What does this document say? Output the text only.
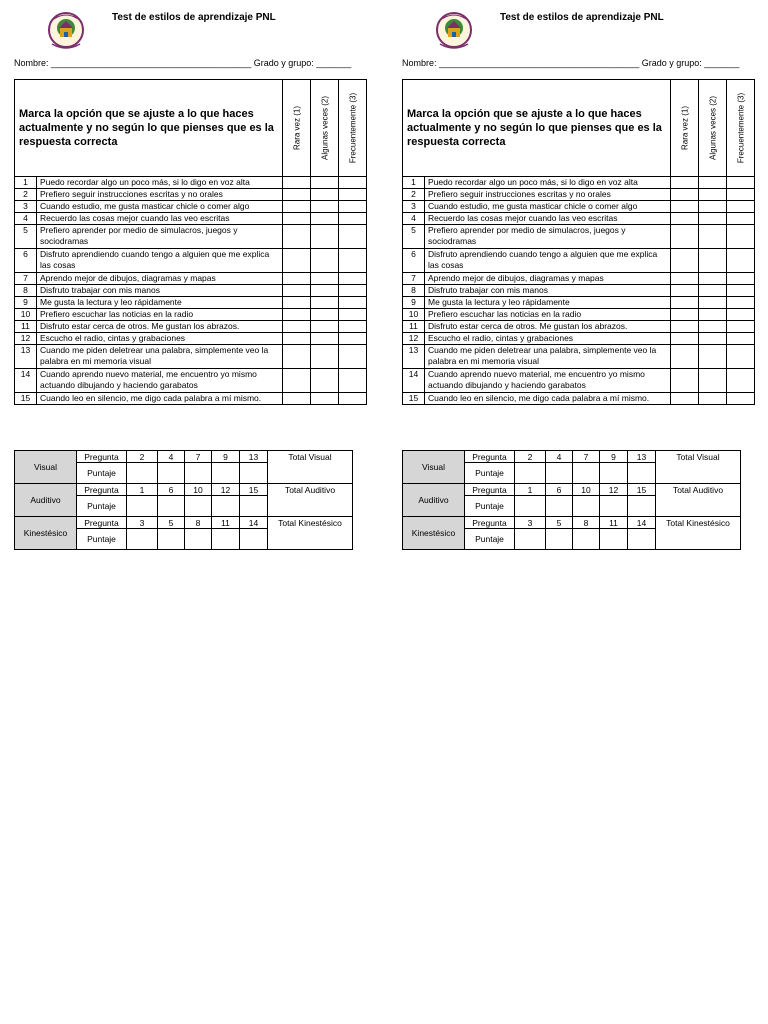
Test de estilos de aprendizaje PNL
Nombre: ________________________________________ Grado y grupo: _______
Marca la opción que se ajuste a lo que haces actualmente y no según lo que pienses que es la respuesta correcta		Rara vez (1)	Algunas veces (2)	Frecuentemente (3)

1	Puedo recordar algo un poco más, si lo digo en voz alta			
2	Prefiero seguir instrucciones escritas y no orales			
3	Cuando estudio, me gusta masticar chicle o comer algo			
4	Recuerdo las cosas mejor cuando las veo escritas			
5	Prefiero aprender por medio de simulacros, juegos y sociodramas			
6	Disfruto aprendiendo cuando tengo a alguien que me explica las cosas			
7	Aprendo mejor de dibujos, diagramas y mapas			
8	Disfruto trabajar con mis manos			
9	Me gusta la lectura y leo rápidamente			
10	Prefiero escuchar las noticias en la radio			
11	Disfruto estar cerca de otros. Me gustan los abrazos.			
12	Escucho el radio, cintas y grabaciones			
13	Cuando me piden deletrear una palabra, simplemente veo la palabra en mi memoria visual			
14	Cuando aprendo nuevo material, me encuentro yo mismo actuando dibujando y haciendo garabatos			
15	Cuando leo en silencio, me digo cada palabra a mí mismo.			
Visual	Pregunta	2	4	7	9	13	Total Visual
	Puntaje						
Auditivo	Pregunta	1	6	10	12	15	Total Auditivo
	Puntaje						
Kinestésico	Pregunta	3	5	8	11	14	Total Kinestésico
	Puntaje						
Test de estilos de aprendizaje PNL
Nombre: ________________________________________ Grado y grupo: _______
Marca la opción que se ajuste a lo que haces actualmente y no según lo que pienses que es la respuesta correcta		Rara vez (1)	Algunas veces (2)	Frecuentemente (3)

1	Puedo recordar algo un poco más, si lo digo en voz alta			
2	Prefiero seguir instrucciones escritas y no orales			
3	Cuando estudio, me gusta masticar chicle o comer algo			
4	Recuerdo las cosas mejor cuando las veo escritas			
5	Prefiero aprender por medio de simulacros, juegos y sociodramas			
6	Disfruto aprendiendo cuando tengo a alguien que me explica las cosas			
7	Aprendo mejor de dibujos, diagramas y mapas			
8	Disfruto trabajar con mis manos			
9	Me gusta la lectura y leo rápidamente			
10	Prefiero escuchar las noticias en la radio			
11	Disfruto estar cerca de otros. Me gustan los abrazos.			
12	Escucho el radio, cintas y grabaciones			
13	Cuando me piden deletrear una palabra, simplemente veo la palabra en mi memoria visual			
14	Cuando aprendo nuevo material, me encuentro yo mismo actuando dibujando y haciendo garabatos			
15	Cuando leo en silencio, me digo cada palabra a mí mismo.			
Visual	Pregunta	2	4	7	9	13	Total Visual
	Puntaje						
Auditivo	Pregunta	1	6	10	12	15	Total Auditivo
	Puntaje						
Kinestésico	Pregunta	3	5	8	11	14	Total Kinestésico
	Puntaje						
